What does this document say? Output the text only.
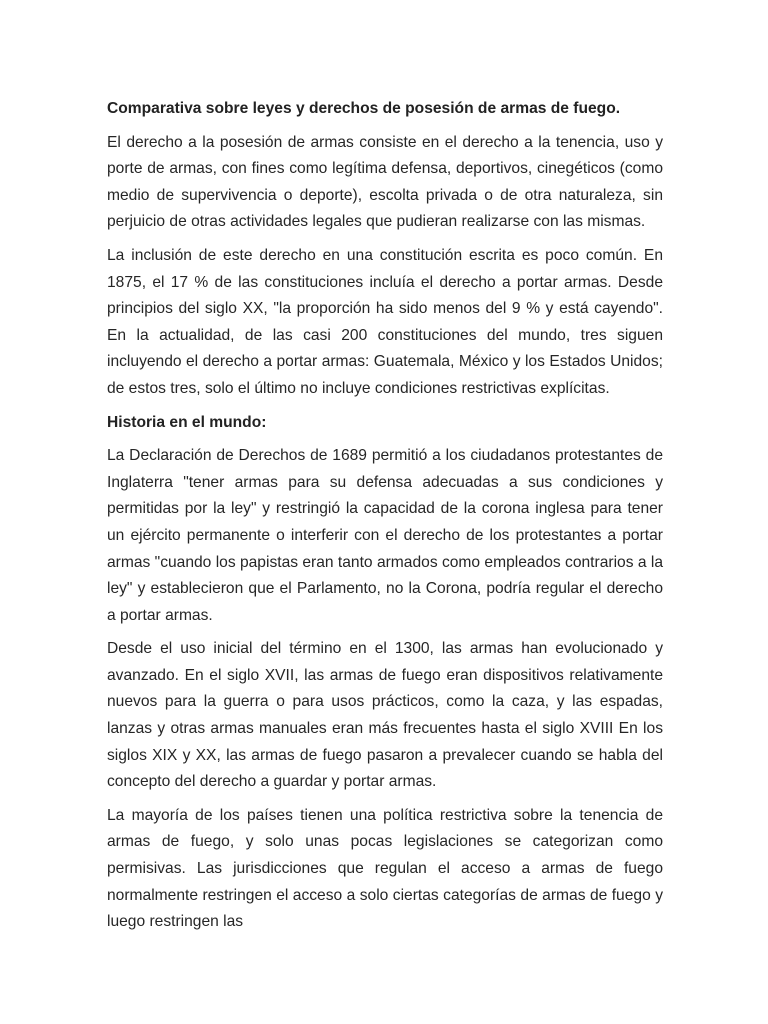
Comparativa sobre leyes y derechos de posesión de armas de fuego.

El derecho a la posesión de armas consiste en el derecho a la tenencia, uso y porte de armas, con fines como legítima defensa, deportivos, cinegéticos (como medio de supervivencia o deporte), escolta privada o de otra naturaleza, sin perjuicio de otras actividades legales que pudieran realizarse con las mismas.

La inclusión de este derecho en una constitución escrita es poco común. En 1875, el 17 % de las constituciones incluía el derecho a portar armas. Desde principios del siglo XX, "la proporción ha sido menos del 9 % y está cayendo". En la actualidad, de las casi 200 constituciones del mundo, tres siguen incluyendo el derecho a portar armas: Guatemala, México y los Estados Unidos; de estos tres, solo el último no incluye condiciones restrictivas explícitas.

Historia en el mundo:

La Declaración de Derechos de 1689 permitió a los ciudadanos protestantes de Inglaterra "tener armas para su defensa adecuadas a sus condiciones y permitidas por la ley" y restringió la capacidad de la corona inglesa para tener un ejército permanente o interferir con el derecho de los protestantes a portar armas "cuando los papistas eran tanto armados como empleados contrarios a la ley" y establecieron que el Parlamento, no la Corona, podría regular el derecho a portar armas.

Desde el uso inicial del término en el 1300, las armas han evolucionado y avanzado. En el siglo XVII, las armas de fuego eran dispositivos relativamente nuevos para la guerra o para usos prácticos, como la caza, y las espadas, lanzas y otras armas manuales eran más frecuentes hasta el siglo XVIII En los siglos XIX y XX, las armas de fuego pasaron a prevalecer cuando se habla del concepto del derecho a guardar y portar armas.

La mayoría de los países tienen una política restrictiva sobre la tenencia de armas de fuego, y solo unas pocas legislaciones se categorizan como permisivas. Las jurisdicciones que regulan el acceso a armas de fuego normalmente restringen el acceso a solo ciertas categorías de armas de fuego y luego restringen las
